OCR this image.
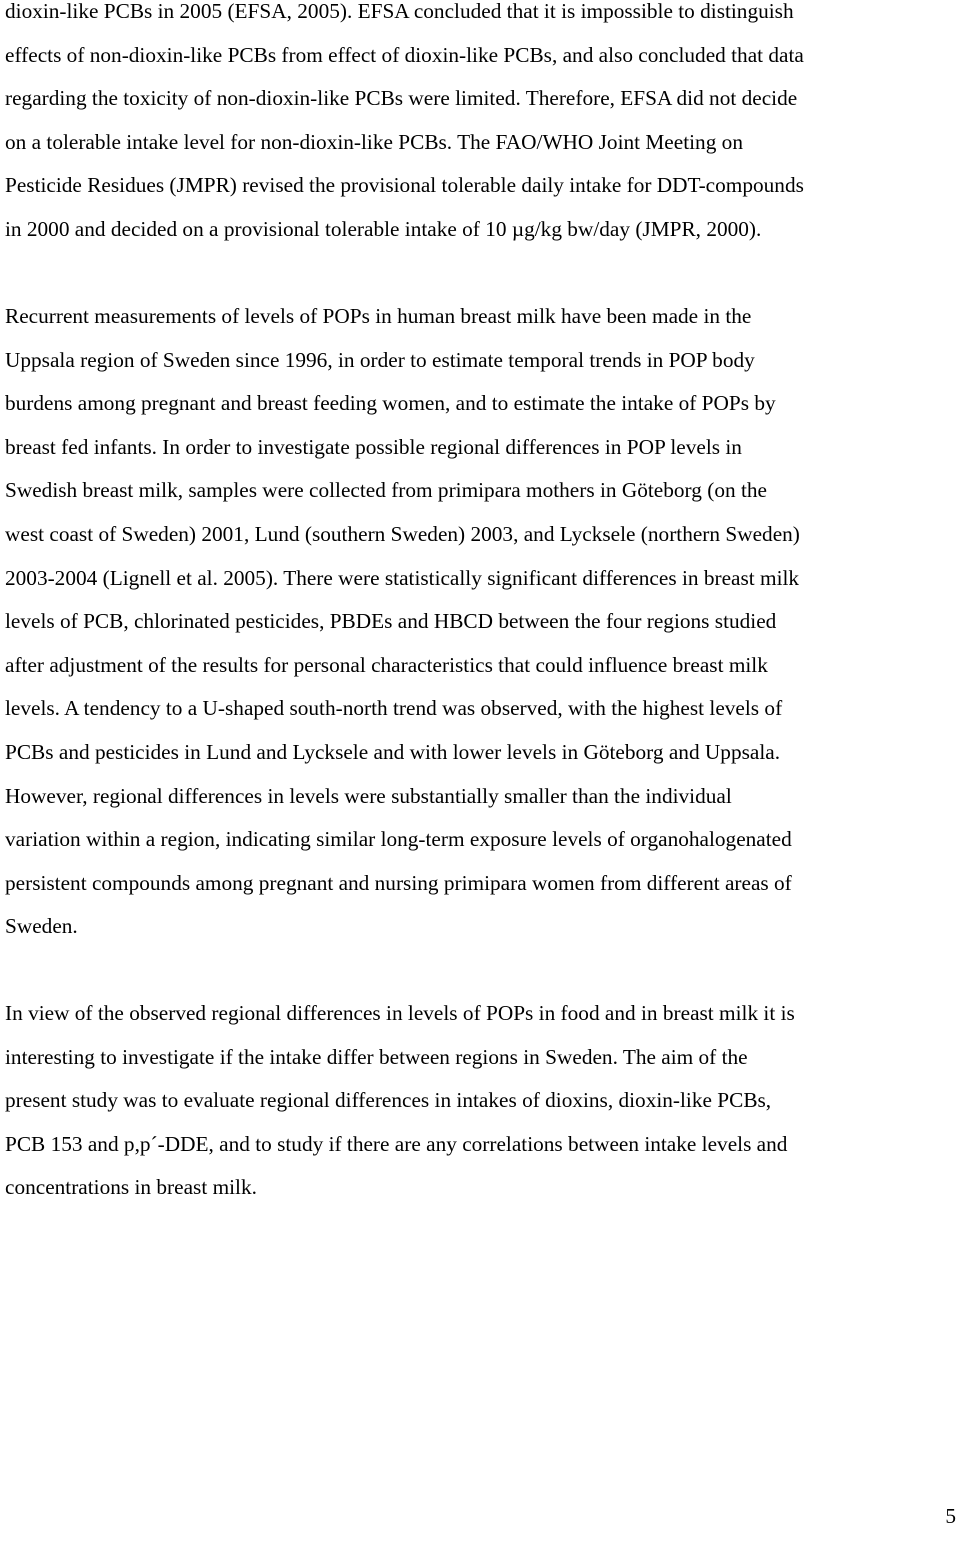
dioxin-like PCBs in 2005 (EFSA, 2005). EFSA concluded that it is impossible to distinguish
effects of non-dioxin-like PCBs from effect of dioxin-like PCBs, and also concluded that data
regarding the toxicity of non-dioxin-like PCBs were limited. Therefore, EFSA did not decide
on a tolerable intake level for non-dioxin-like PCBs. The FAO/WHO Joint Meeting on
Pesticide Residues (JMPR) revised the provisional tolerable daily intake for DDT-compounds
in 2000 and decided on a provisional tolerable intake of 10 µg/kg bw/day (JMPR, 2000).
Recurrent measurements of levels of POPs in human breast milk have been made in the
Uppsala region of Sweden since 1996, in order to estimate temporal trends in POP body
burdens among pregnant and breast feeding women, and to estimate the intake of POPs by
breast fed infants. In order to investigate possible regional differences in POP levels in
Swedish breast milk, samples were collected from primipara mothers in Göteborg (on the
west coast of Sweden) 2001, Lund (southern Sweden) 2003, and Lycksele (northern Sweden)
2003-2004 (Lignell et al. 2005). There were statistically significant differences in breast milk
levels of PCB, chlorinated pesticides, PBDEs and HBCD between the four regions studied
after adjustment of the results for personal characteristics that could influence breast milk
levels. A tendency to a U-shaped south-north trend was observed, with the highest levels of
PCBs and pesticides in Lund and Lycksele and with lower levels in Göteborg and Uppsala.
However, regional differences in levels were substantially smaller than the individual
variation within a region, indicating similar long-term exposure levels of organohalogenated
persistent compounds among pregnant and nursing primipara women from different areas of
Sweden.
In view of the observed regional differences in levels of POPs in food and in breast milk it is
interesting to investigate if the intake differ between regions in Sweden. The aim of the
present study was to evaluate regional differences in intakes of dioxins, dioxin-like PCBs,
PCB 153 and p,p´-DDE, and to study if there are any correlations between intake levels and
concentrations in breast milk.
5
